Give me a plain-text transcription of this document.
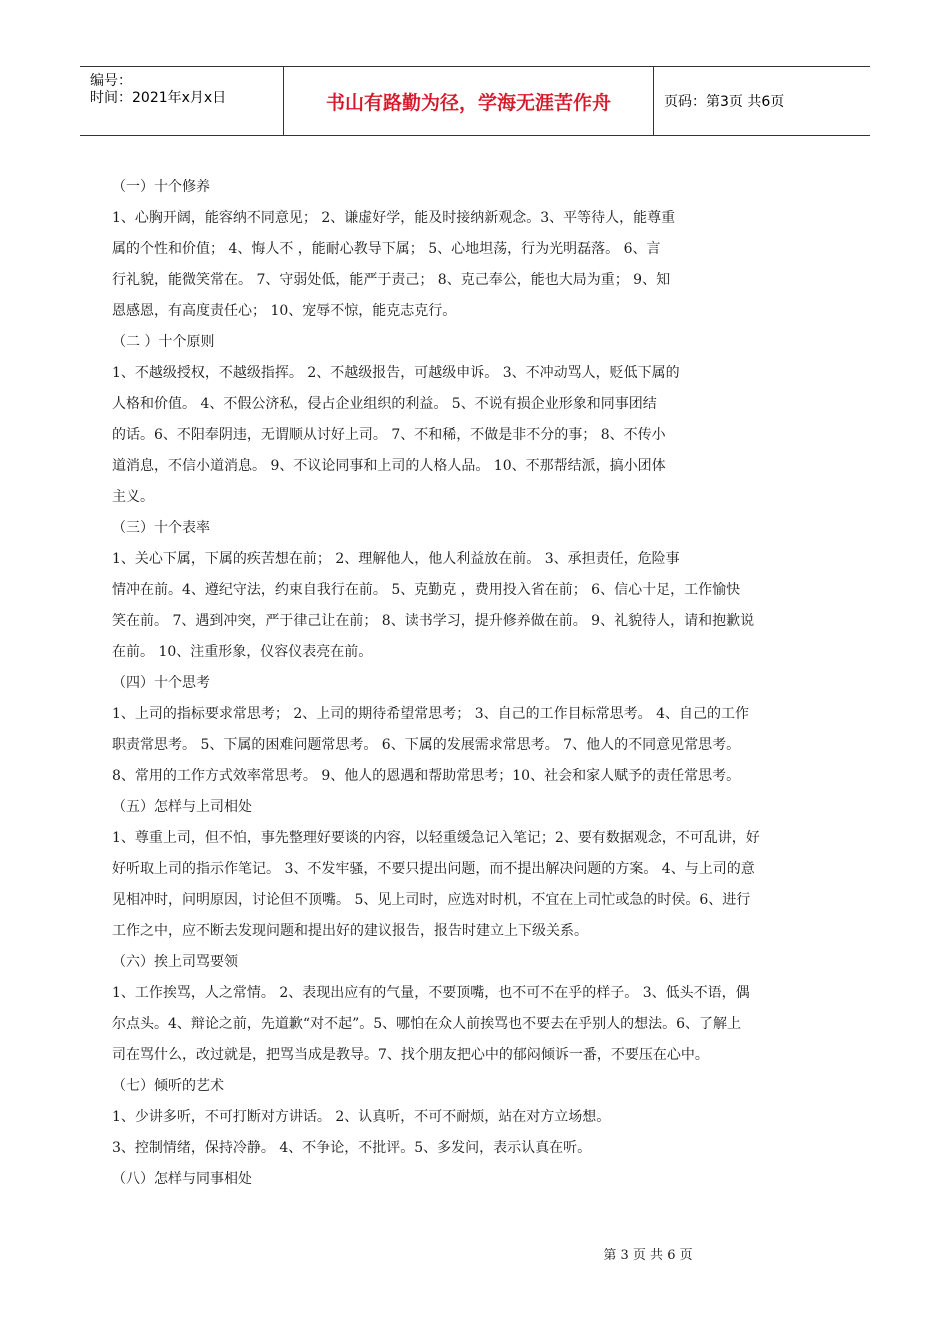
编号：
时间：2021年x月x日	书山有路勤为径，学海无涯苦作舟	页码：第3页 共6页
（一）十个修养
1、心胸开阔，能容纳不同意见； 2、谦虚好学，能及时接纳新观念。3、平等待人，能尊重
属的个性和价值； 4、悔人不 ，能耐心教导下属； 5、心地坦荡，行为光明磊落。 6、言
行礼貌，能微笑常在。 7、守弱处低，能严于责己； 8、克己奉公，能也大局为重； 9、知
恩感恩，有高度责任心； 10、宠辱不惊，能克志克行。
（二 ）十个原则
1、不越级授权，不越级指挥。 2、不越级报告，可越级申诉。 3、不冲动骂人，贬低下属的
人格和价值。 4、不假公济私，侵占企业组织的利益。 5、不说有损企业形象和同事团结
的话。6、不阳奉阴违，无谓顺从讨好上司。 7、不和稀，不做是非不分的事； 8、不传小
道消息，不信小道消息。 9、不议论同事和上司的人格人品。 10、不那帮结派，搞小团体
主义。
（三）十个表率
1、关心下属，下属的疾苦想在前； 2、理解他人，他人利益放在前。 3、承担责任，危险事
情冲在前。4、遵纪守法，约束自我行在前。 5、克勤克 ，费用投入省在前； 6、信心十足，工作愉快
笑在前。 7、遇到冲突，严于律己让在前； 8、读书学习，提升修养做在前。 9、礼貌待人，请和抱歉说
在前。 10、注重形象，仪容仪表亮在前。
（四）十个思考
1、上司的指标要求常思考； 2、上司的期待希望常思考； 3、自己的工作目标常思考。 4、自己的工作
职责常思考。 5、下属的困难问题常思考。 6、下属的发展需求常思考。 7、他人的不同意见常思考。
8、常用的工作方式效率常思考。 9、他人的恩遇和帮助常思考；10、社会和家人赋予的责任常思考。
（五）怎样与上司相处
1、尊重上司，但不怕，事先整理好要谈的内容，以轻重缓急记入笔记；2、要有数据观念，不可乱讲，好
好听取上司的指示作笔记。 3、不发牢骚，不要只提出问题，而不提出解决问题的方案。 4、与上司的意
见相冲时，问明原因，讨论但不顶嘴。 5、见上司时，应选对时机，不宜在上司忙或急的时侯。6、进行
工作之中，应不断去发现问题和提出好的建议报告，报告时建立上下级关系。
（六）挨上司骂要领
1、工作挨骂，人之常情。 2、表现出应有的气量，不要顶嘴，也不可不在乎的样子。 3、低头不语，偶
尔点头。4、辩论之前，先道歉“对不起”。5、哪怕在众人前挨骂也不要去在乎别人的想法。6、了解上
司在骂什么，改过就是，把骂当成是教导。7、找个朋友把心中的郁闷倾诉一番，不要压在心中。
（七）倾听的艺术
1、少讲多听，不可打断对方讲话。 2、认真听，不可不耐烦，站在对方立场想。
3、控制情绪，保持冷静。 4、不争论，不批评。5、多发问，表示认真在听。
（八）怎样与同事相处
第 3 页 共 6 页
